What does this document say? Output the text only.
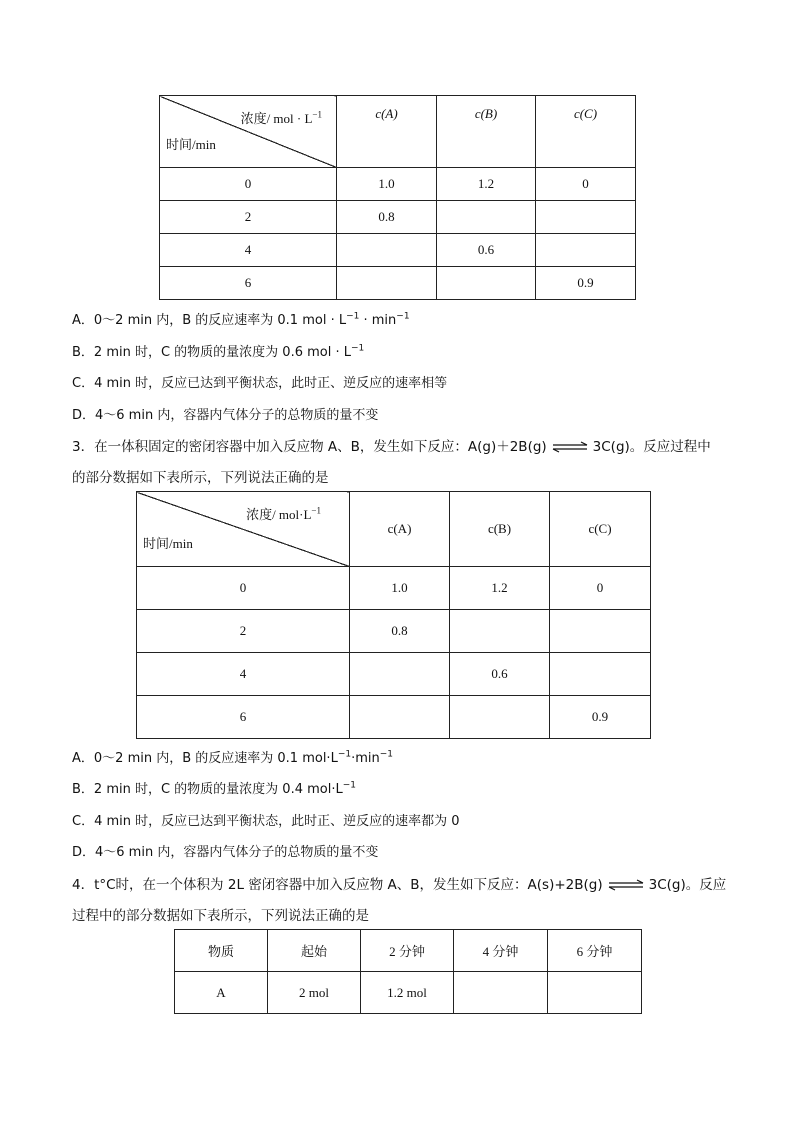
浓度/ mol · $L^{-1}$
时间/min	c(A)	c(B)	c(C)
0	1.0	1.2	0
2	0.8		
4		0.6	
6			0.9
A．0～2 min 内，B 的反应速率为 0.1 mol · $L^{-1} \cdot \min^{-1}$
B．2 min 时，C 的物质的量浓度为 0.6 mol · $L^{-1}$
C．4 min 时，反应已达到平衡状态，此时正、逆反应的速率相等
D．4～6 min 内，容器内气体分子的总物质的量不变
3．在一体积固定的密闭容器中加入反应物 A、B，发生如下反应：A(g)＋2B(g) ⇌ 3C(g)。反应过程中
的部分数据如下表所示，下列说法正确的是
浓度/ $mol\cdot L^{-1}$
时间/min	c(A)	c(B)	c(C)
0	1.0	1.2	0
2	0.8		
4		0.6	
6			0.9
A．0～2 min 内，B 的反应速率为 0.1 $mol\cdot L^{-1}\cdot\min^{-1}$
B．2 min 时，C 的物质的量浓度为 0.4 $mol\cdot L^{-1}$
C．4 min 时，反应已达到平衡状态，此时正、逆反应的速率都为 0
D．4～6 min 内，容器内气体分子的总物质的量不变
4．t°C时，在一个体积为 2L 密闭容器中加入反应物 A、B，发生如下反应：A(s)+2B(g) ⇌ 3C(g)。反应
过程中的部分数据如下表所示，下列说法正确的是
物质	起始	2 分钟	4 分钟	6 分钟
A	2 mol	1.2 mol		
